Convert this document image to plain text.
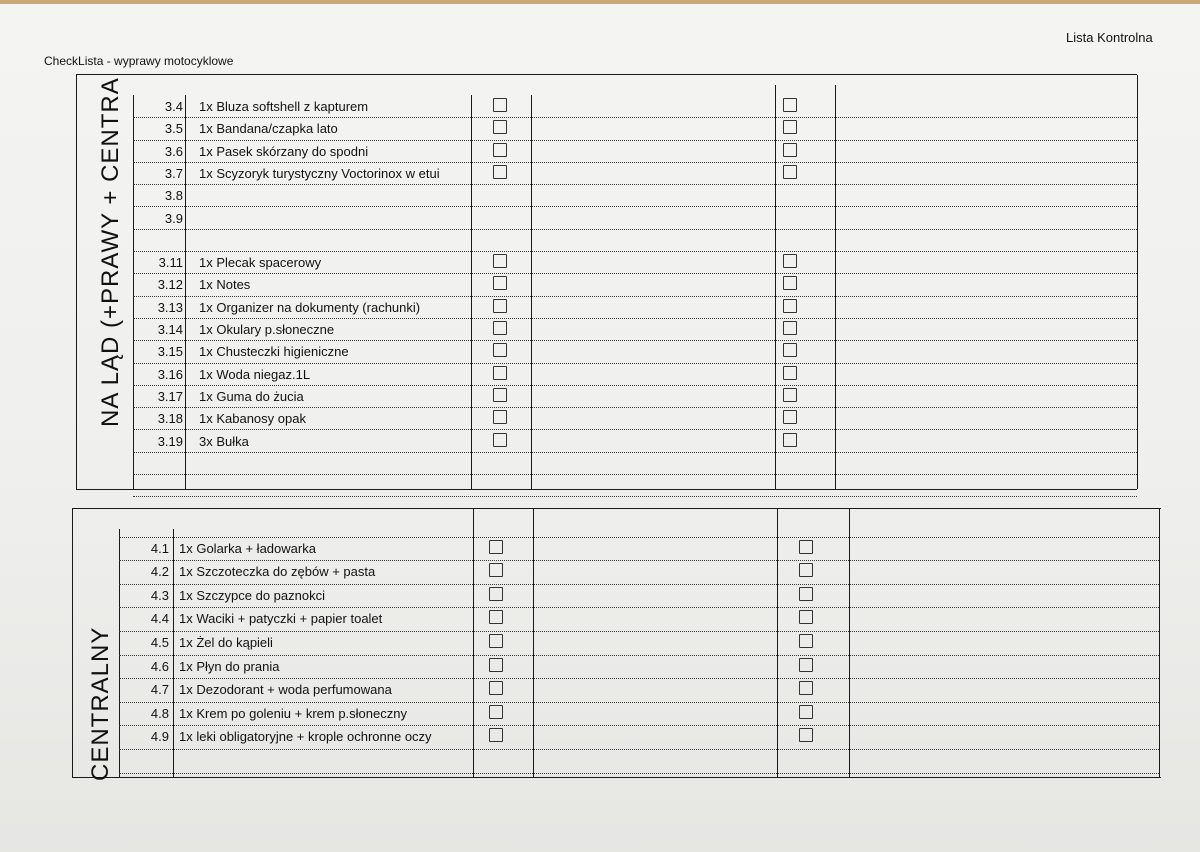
CheckLista - wyprawy motocyklowe
Lista Kontrolna
NA LĄD (+PRAWY + CENTRA	3.4 1x Bluza softshell z kapturem
3.5 1x Bandana/czapka lato
3.6 1x Pasek skórzany do spodni
3.7 1x Scyzoryk turystyczny Voctorinox w etui
3.8
3.9
3.11 1x Plecak spacerowy
3.12 1x Notes
3.13 1x Organizer na dokumenty (rachunki)
3.14 1x Okulary p.słoneczne
3.15 1x Chusteczki higieniczne
3.16 1x Woda niegaz.1L
3.17 1x Guma do żucia
3.18 1x Kabanosy opak
3.19 3x Bułka
CENTRALNY
4.1 1x Golarka + ładowarka
4.2 1x Szczoteczka do zębów + pasta
4.3 1x Szczypce do paznokci
4.4 1x Waciki + patyczki + papier toalet
4.5 1x Żel do kąpieli
4.6 1x Płyn do prania
4.7 1x Dezodorant + woda perfumowana
4.8 1x Krem po goleniu + krem p.słoneczny
4.9 1x leki obligatoryjne + krople ochronne oczy
